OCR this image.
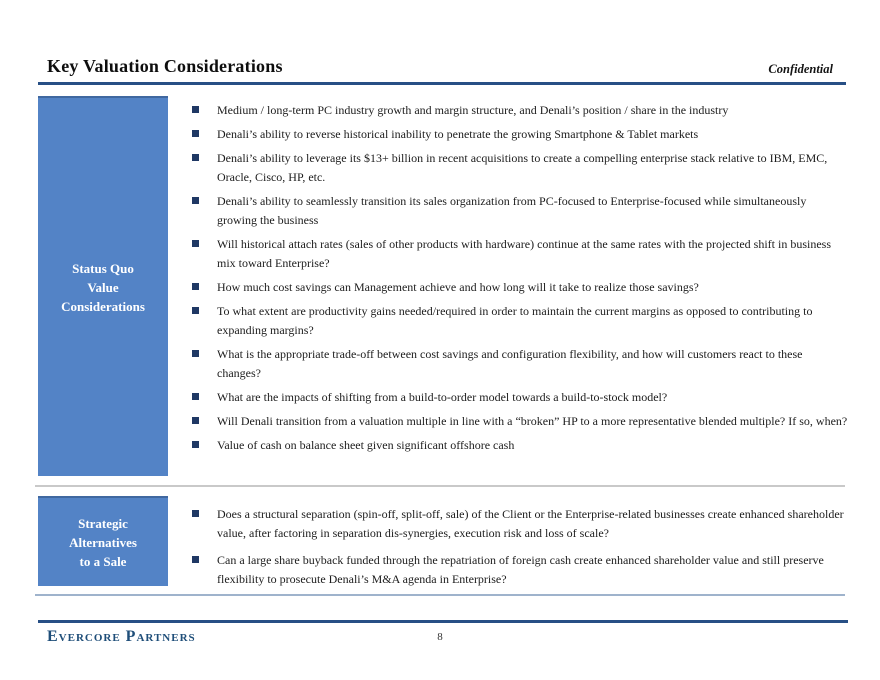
Key Valuation Considerations	Confidential
Status Quo
Value
Considerations
Medium / long-term PC industry growth and margin structure, and Denali’s position / share in the industry
Denali’s ability to reverse historical inability to penetrate the growing Smartphone & Tablet markets
Denali’s ability to leverage its $13+ billion in recent acquisitions to create a compelling enterprise stack relative to IBM, EMC, Oracle, Cisco, HP, etc.
Denali’s ability to seamlessly transition its sales organization from PC-focused to Enterprise-focused while simultaneously growing the business
Will historical attach rates (sales of other products with hardware) continue at the same rates with the projected shift in business mix toward Enterprise?
How much cost savings can Management achieve and how long will it take to realize those savings?
To what extent are productivity gains needed/required in order to maintain the current margins as opposed to contributing to expanding margins?
What is the appropriate trade-off between cost savings and configuration flexibility, and how will customers react to these changes?
What are the impacts of shifting from a build-to-order model towards a build-to-stock model?
Will Denali transition from a valuation multiple in line with a “broken” HP to a more representative blended multiple? If so, when?
Value of cash on balance sheet given significant offshore cash
Strategic
Alternatives
to a Sale
Does a structural separation (spin-off, split-off, sale) of the Client or the Enterprise-related businesses create enhanced shareholder value, after factoring in separation dis-synergies, execution risk and loss of scale?
Can a large share buyback funded through the repatriation of foreign cash create enhanced shareholder value and still preserve flexibility to prosecute Denali’s M&A agenda in Enterprise?
Evercore Partners	8
